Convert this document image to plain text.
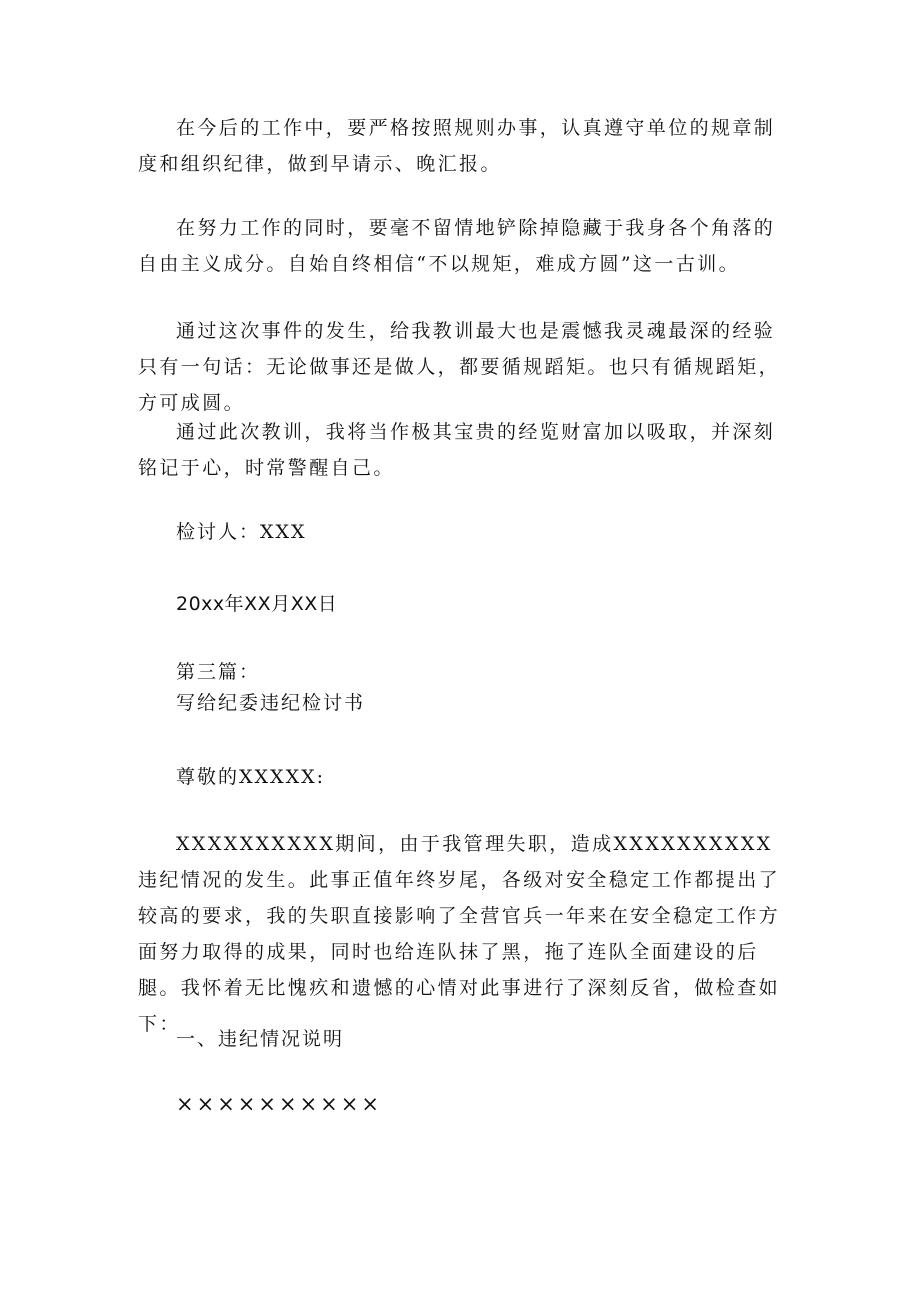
在今后的工作中，要严格按照规则办事，认真遵守单位的规章制度和组织纪律，做到早请示、晚汇报。

在努力工作的同时，要毫不留情地铲除掉隐藏于我身各个角落的自由主义成分。自始自终相信“不以规矩，难成方圆”这一古训。

通过这次事件的发生，给我教训最大也是震憾我灵魂最深的经验只有一句话：无论做事还是做人，都要循规蹈矩。也只有循规蹈矩，方可成圆。

通过此次教训，我将当作极其宝贵的经览财富加以吸取，并深刻铭记于心，时常警醒自己。

检讨人：XXX

20xx年XX月XX日

第三篇：

写给纪委违纪检讨书

尊敬的XXXXX:

XXXXXXXXXX期间，由于我管理失职，造成XXXXXXXXXX违纪情况的发生。此事正值年终岁尾，各级对安全稳定工作都提出了较高的要求，我的失职直接影响了全营官兵一年来在安全稳定工作方面努力取得的成果，同时也给连队抹了黑，拖了连队全面建设的后腿。我怀着无比愧疚和遗憾的心情对此事进行了深刻反省，做检查如下：

一、违纪情况说明

××××××××××
